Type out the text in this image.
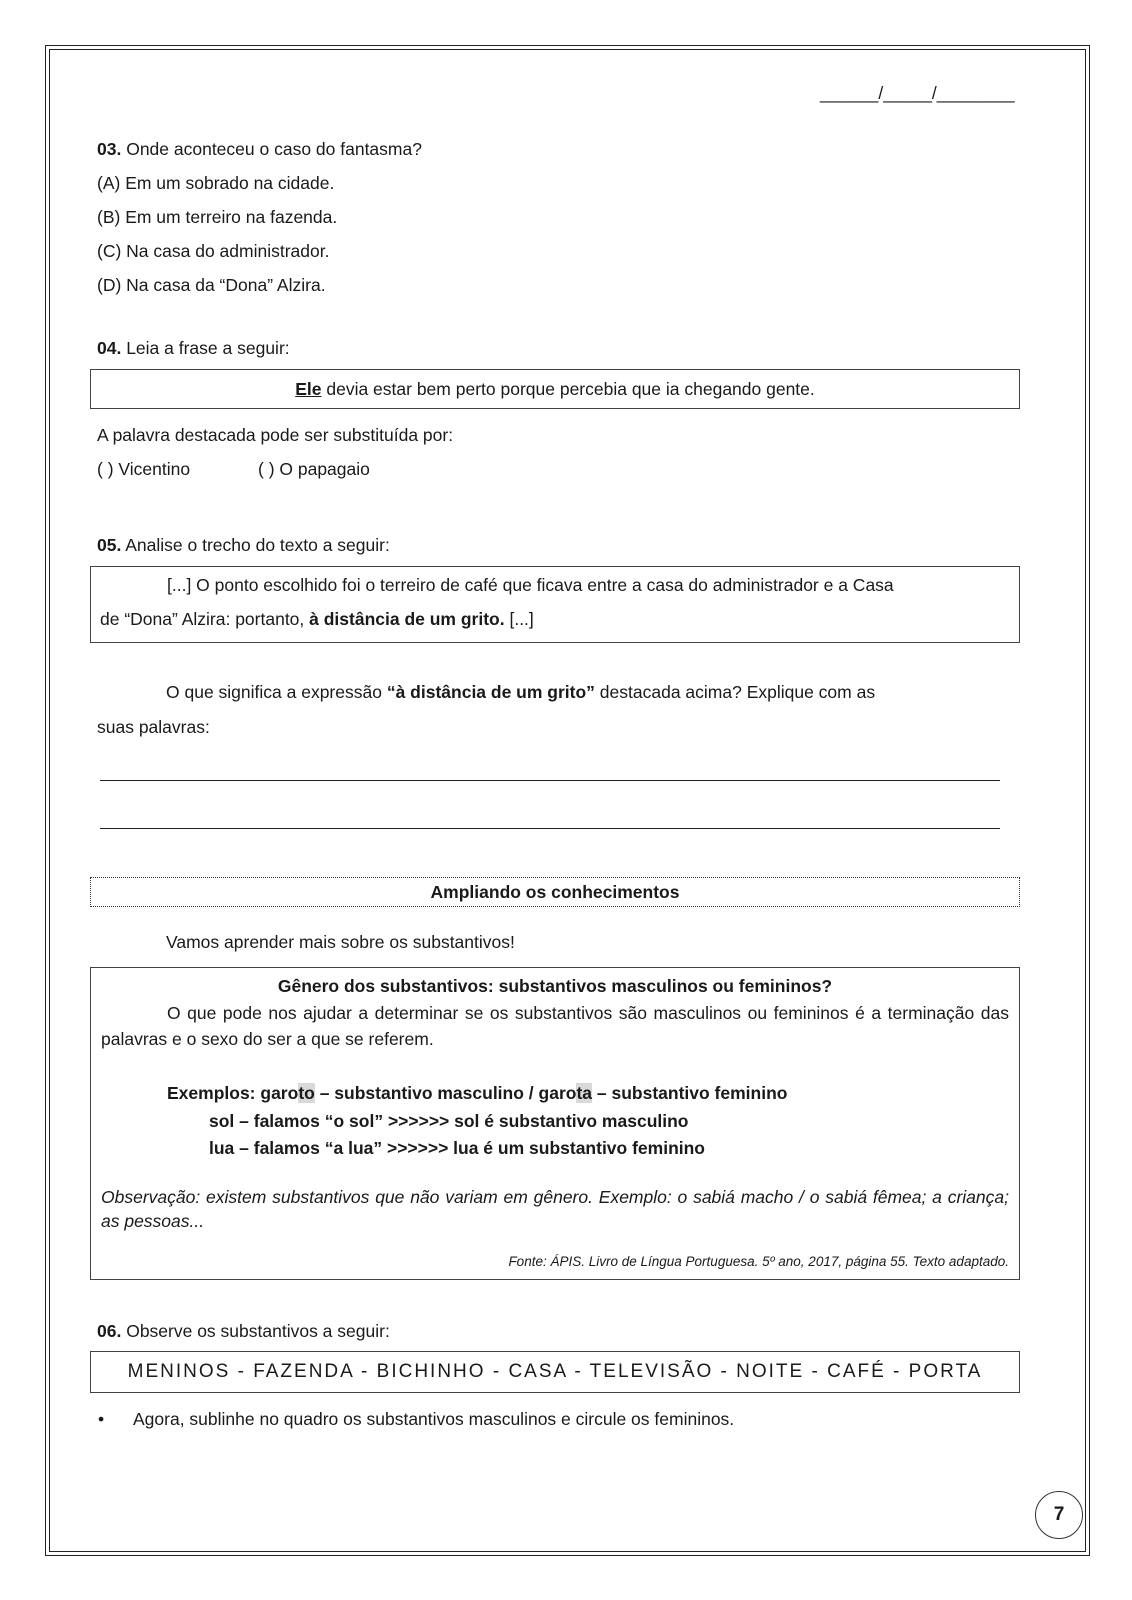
______/_____/________
03. Onde aconteceu o caso do fantasma?
(A) Em um sobrado na cidade.
(B) Em um terreiro na fazenda.
(C) Na casa do administrador.
(D) Na casa da “Dona” Alzira.
04. Leia a frase a seguir:
Ele devia estar bem perto porque percebia que ia chegando gente.
A palavra destacada pode ser substituída por:
( ) Vicentino	( ) O papagaio
05. Analise o trecho do texto a seguir:
[...] O ponto escolhido foi o terreiro de café que ficava entre a casa do administrador e a Casa
de “Dona” Alzira: portanto, à distância de um grito. [...]
O que significa a expressão “à distância de um grito” destacada acima? Explique com as
suas palavras:
Ampliando os conhecimentos
Vamos aprender mais sobre os substantivos!
Gênero dos substantivos: substantivos masculinos ou femininos?
O que pode nos ajudar a determinar se os substantivos são masculinos ou femininos é a terminação das palavras e o sexo do ser a que se referem.
Exemplos: garoto – substantivo masculino / garota – substantivo feminino
sol – falamos “o sol” >>>>>> sol é substantivo masculino
lua – falamos “a lua” >>>>>> lua é um substantivo feminino
Observação: existem substantivos que não variam em gênero. Exemplo: o sabiá macho / o sabiá fêmea; a criança; as pessoas...
Fonte: ÁPIS. Livro de Língua Portuguesa. 5º ano, 2017, página 55. Texto adaptado.
06. Observe os substantivos a seguir:
MENINOS - FAZENDA - BICHINHO - CASA - TELEVISÃO - NOITE - CAFÉ - PORTA
• Agora, sublinhe no quadro os substantivos masculinos e circule os femininos.
7
